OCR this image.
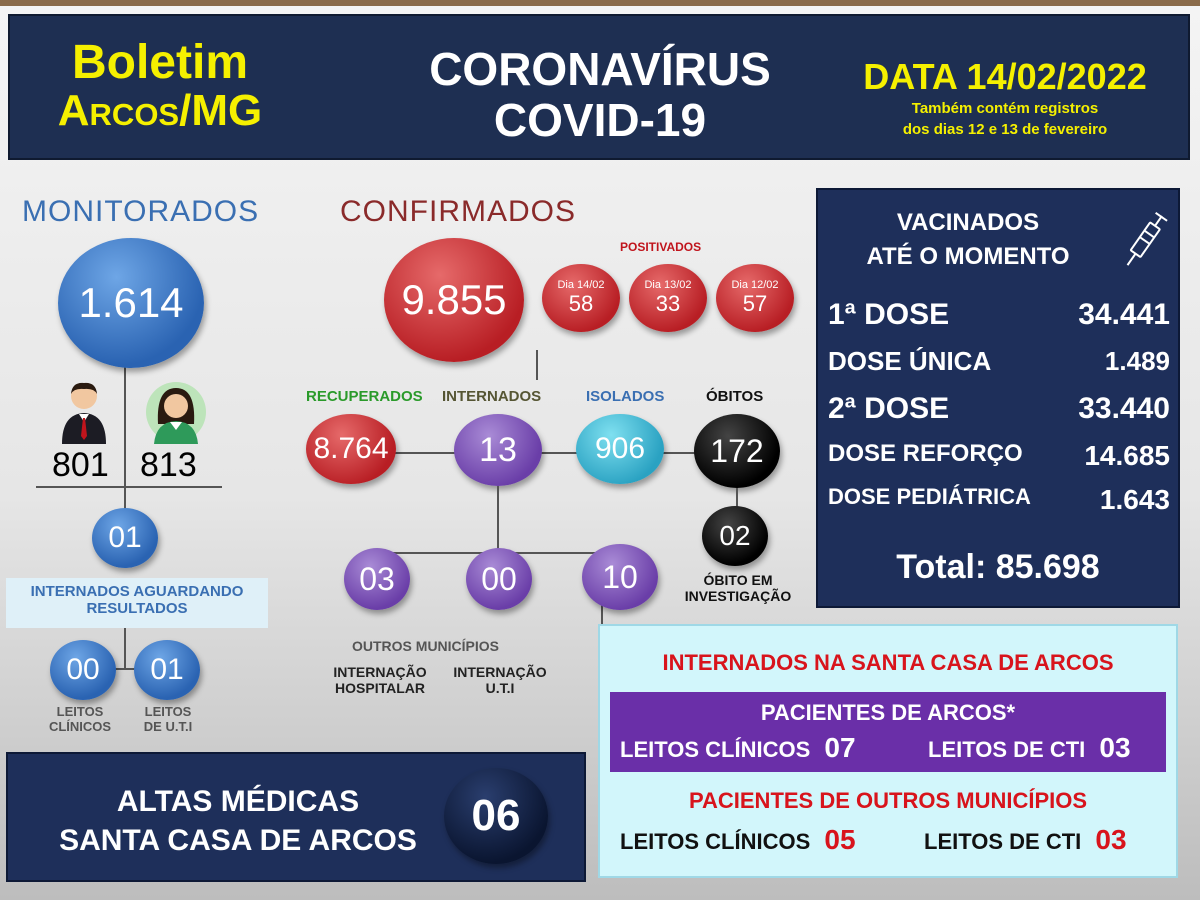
Boletim
Arcos/MG
CORONAVÍRUS
COVID-19
DATA 14/02/2022
Também contém registros
dos dias 12 e 13 de fevereiro
MONITORADOS
1.614
801 813
01
INTERNADOS AGUARDANDO
RESULTADOS
00	01
LEITOS
CLÍNICOS
LEITOS
DE U.T.I
CONFIRMADOS
9.855
POSITIVADOS
Dia 14/02
58
Dia 13/02
33
Dia 12/02
57
RECUPERADOS INTERNADOS	ISOLADOS	ÓBITOS
8.764	13	906	172
02
ÓBITO EM
INVESTIGAÇÃO
03	00	10
OUTROS MUNICÍPIOS
INTERNAÇÃO
HOSPITALAR
INTERNAÇÃO
U.T.I
VACINADOS
ATÉ O MOMENTO
1ª DOSE	34.441
DOSE ÚNICA	1.489
2ª DOSE	33.440
DOSE REFORÇO 14.685
DOSE PEDIÁTRICA 1.643
Total: 85.698
ALTAS MÉDICAS
SANTA CASA DE ARCOS
06
INTERNADOS NA SANTA CASA DE ARCOS
PACIENTES DE ARCOS*
LEITOS CLÍNICOS 07	LEITOS DE CTI 03
PACIENTES DE OUTROS MUNICÍPIOS
LEITOS CLÍNICOS 05	LEITOS DE CTI 03
